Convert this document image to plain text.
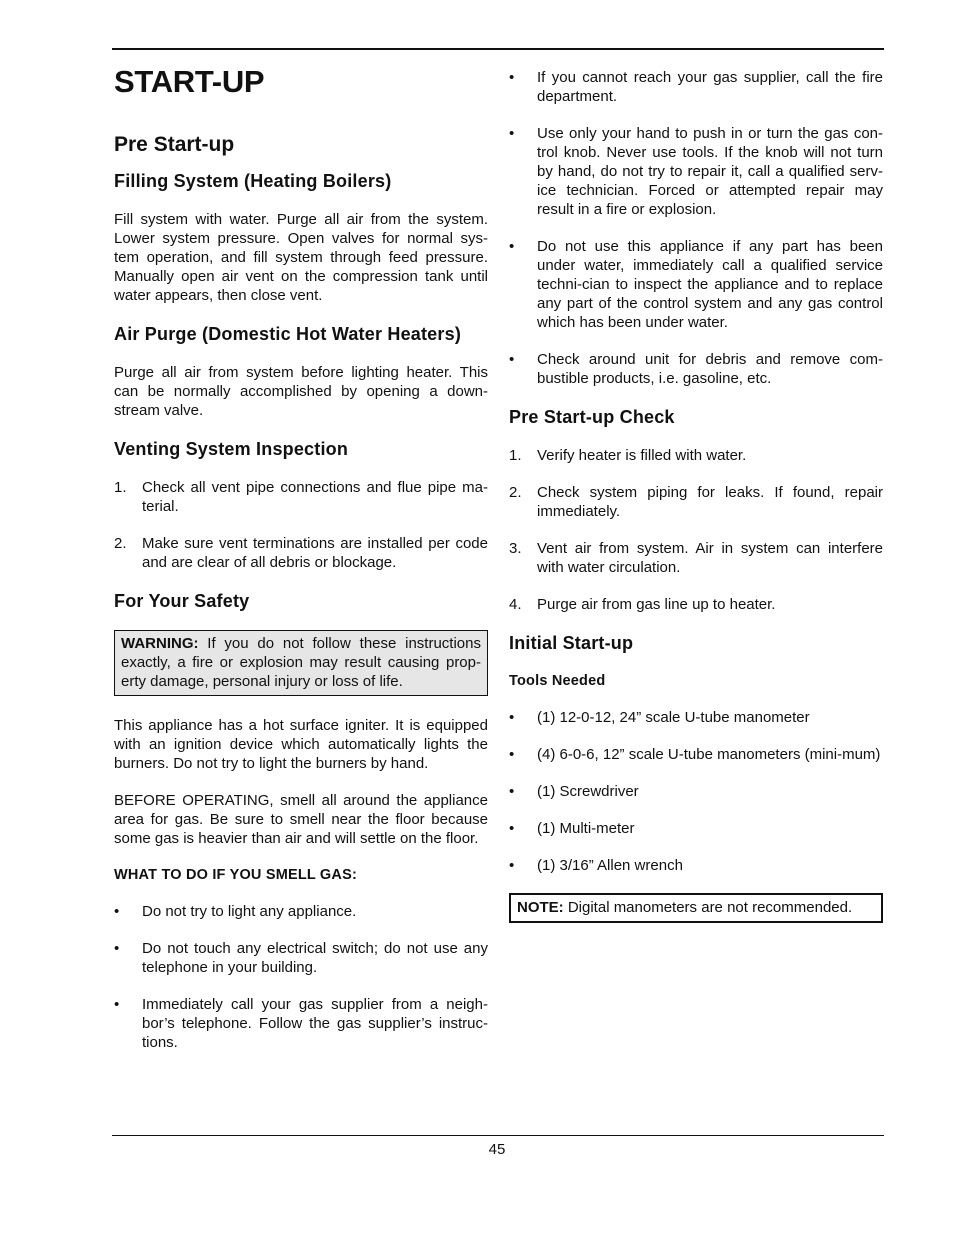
START-UP
Pre Start-up
Filling System (Heating Boilers)

Fill system with water. Purge all air from the system. Lower system pressure. Open valves for normal sys-tem operation, and fill system through feed pressure. Manually open air vent on the compression tank until water appears, then close vent.

Air Purge (Domestic Hot Water Heaters)

Purge all air from system before lighting heater. This can be normally accomplished by opening a down-stream valve.

Venting System Inspection
1. Check all vent pipe connections and flue pipe ma-terial.
2. Make sure vent terminations are installed per code and are clear of all debris or blockage.
For Your Safety
WARNING: If you do not follow these instructions exactly, a fire or explosion may result causing prop-erty damage, personal injury or loss of life.

This appliance has a hot surface igniter. It is equipped with an ignition device which automatically lights the burners. Do not try to light the burners by hand.

BEFORE OPERATING, smell all around the appliance area for gas. Be sure to smell near the floor because some gas is heavier than air and will settle on the floor.

WHAT TO DO IF YOU SMELL GAS:
• Do not try to light any appliance.
• Do not touch any electrical switch; do not use any telephone in your building.
• Immediately call your gas supplier from a neigh-bor’s telephone. Follow the gas supplier’s instruc-tions.
• If you cannot reach your gas supplier, call the fire department.
• Use only your hand to push in or turn the gas con-trol knob. Never use tools. If the knob will not turn by hand, do not try to repair it, call a qualified serv-ice technician. Forced or attempted repair may result in a fire or explosion.
• Do not use this appliance if any part has been under water, immediately call a qualified service techni-cian to inspect the appliance and to replace any part of the control system and any gas control which has been under water.
• Check around unit for debris and remove com-bustible products, i.e. gasoline, etc.
Pre Start-up Check
1. Verify heater is filled with water.
2. Check system piping for leaks. If found, repair immediately.
3. Vent air from system. Air in system can interfere with water circulation.
4. Purge air from gas line up to heater.
Initial Start-up
Tools Needed
• (1) 12-0-12, 24” scale U-tube manometer
• (4) 6-0-6, 12” scale U-tube manometers (mini-mum)
• (1) Screwdriver
• (1) Multi-meter
• (1) 3/16” Allen wrench
NOTE: Digital manometers are not recommended.
45
